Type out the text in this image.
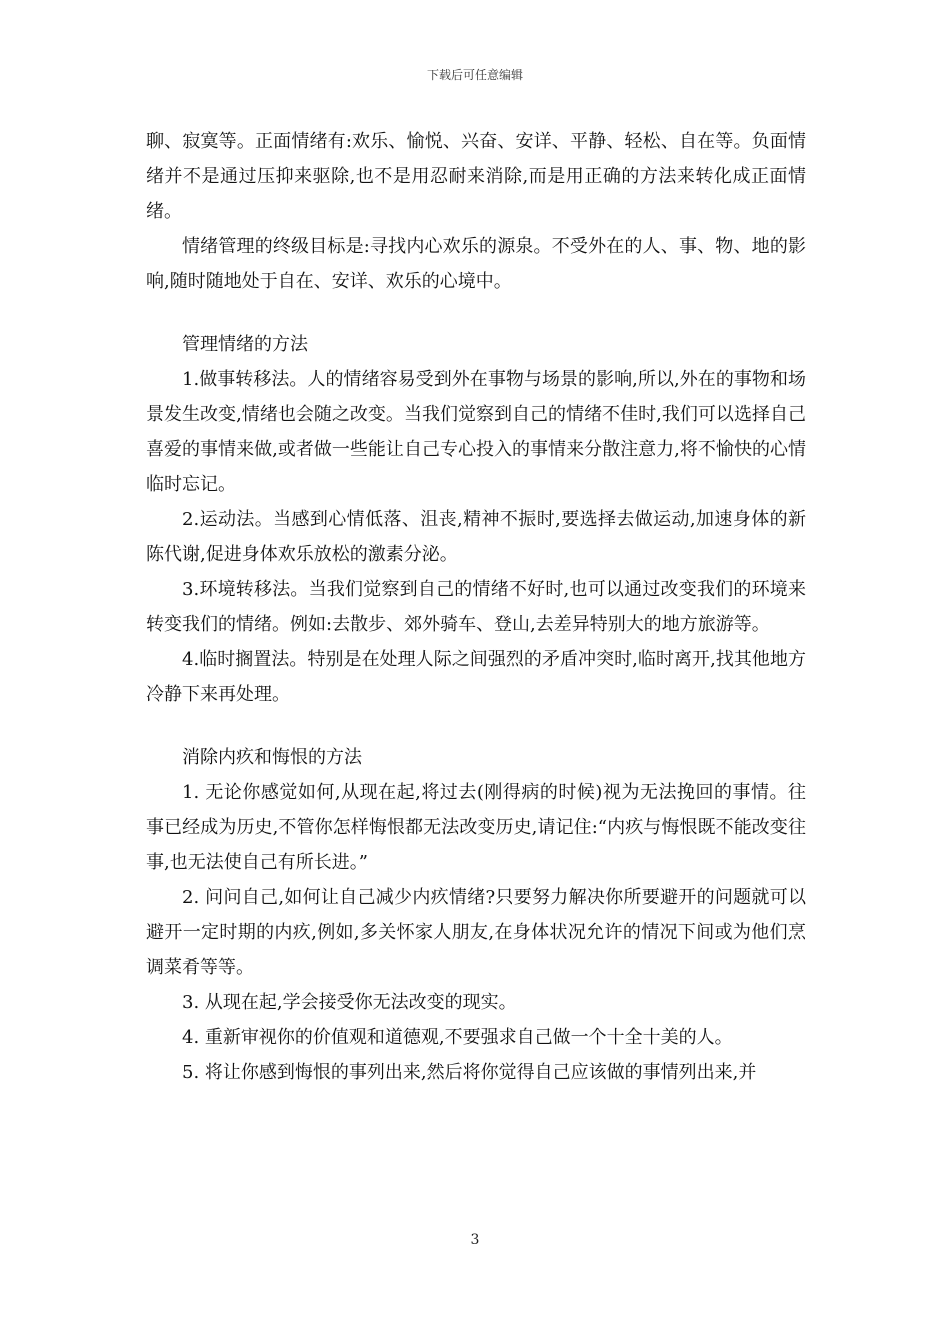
下载后可任意编辑

聊、寂寞等。正面情绪有:欢乐、愉悦、兴奋、安详、平静、轻松、自在等。负面情绪并不是通过压抑来驱除,也不是用忍耐来消除,而是用正确的方法来转化成正面情绪。

情绪管理的终级目标是:寻找内心欢乐的源泉。不受外在的人、事、物、地的影响,随时随地处于自在、安详、欢乐的心境中。

管理情绪的方法

1.做事转移法。人的情绪容易受到外在事物与场景的影响,所以,外在的事物和场景发生改变,情绪也会随之改变。当我们觉察到自己的情绪不佳时,我们可以选择自己喜爱的事情来做,或者做一些能让自己专心投入的事情来分散注意力,将不愉快的心情临时忘记。

2.运动法。当感到心情低落、沮丧,精神不振时,要选择去做运动,加速身体的新陈代谢,促进身体欢乐放松的激素分泌。

3.环境转移法。当我们觉察到自己的情绪不好时,也可以通过改变我们的环境来转变我们的情绪。例如:去散步、郊外骑车、登山,去差异特别大的地方旅游等。

4.临时搁置法。特别是在处理人际之间强烈的矛盾冲突时,临时离开,找其他地方冷静下来再处理。

消除内疚和悔恨的方法

1. 无论你感觉如何,从现在起,将过去(刚得病的时候)视为无法挽回的事情。往事已经成为历史,不管你怎样悔恨都无法改变历史,请记住:“内疚与悔恨既不能改变往事,也无法使自己有所长进。”

2. 问问自己,如何让自己减少内疚情绪?只要努力解决你所要避开的问题就可以避开一定时期的内疚,例如,多关怀家人朋友,在身体状况允许的情况下间或为他们烹调菜肴等等。

3. 从现在起,学会接受你无法改变的现实。

4. 重新审视你的价值观和道德观,不要强求自己做一个十全十美的人。

5. 将让你感到悔恨的事列出来,然后将你觉得自己应该做的事情列出来,并

3
